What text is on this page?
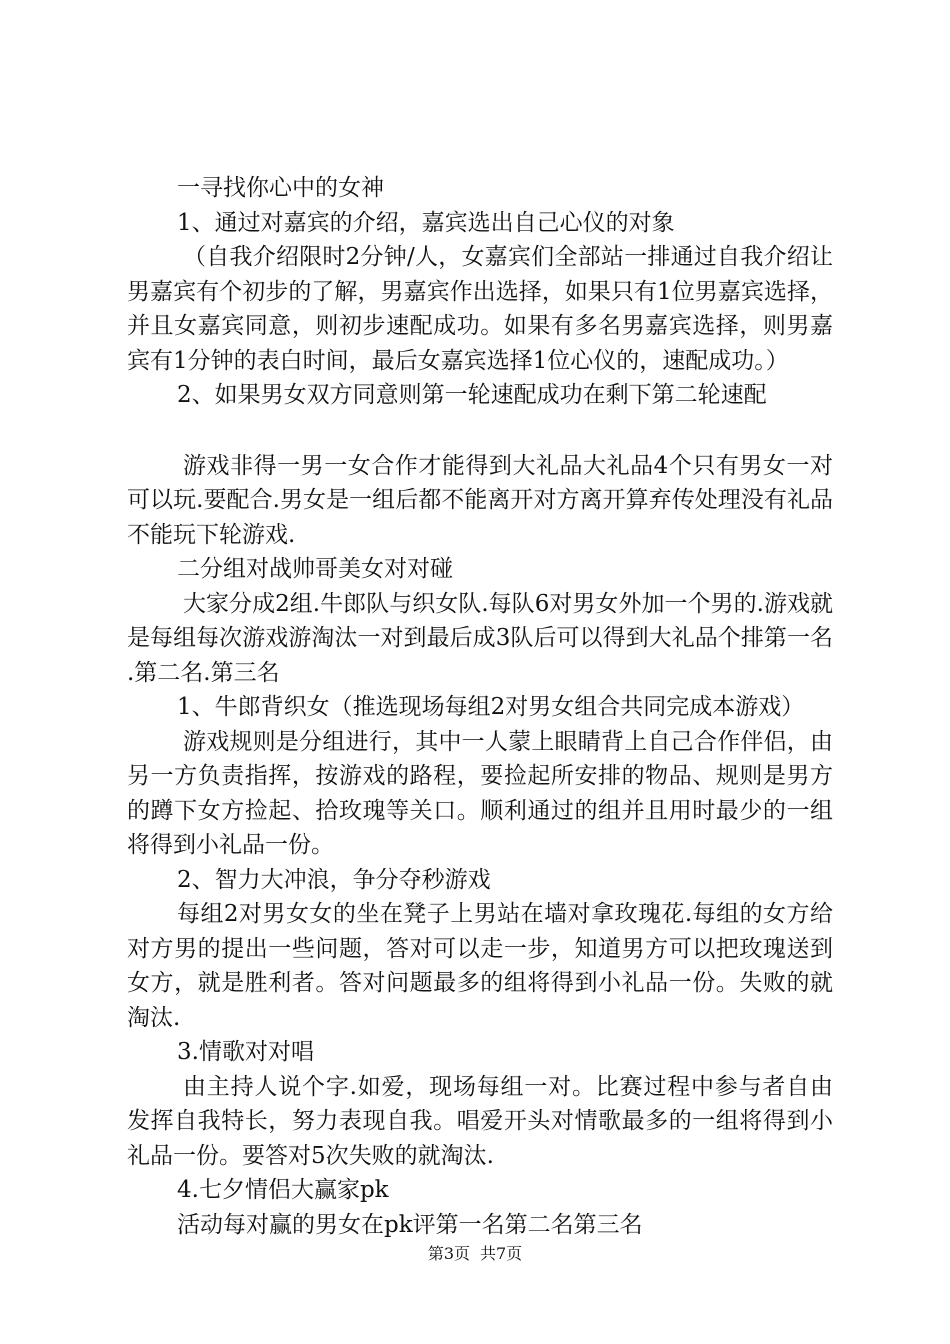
一寻找你心中的女神

1、通过对嘉宾的介绍，嘉宾选出自己心仪的对象

（自我介绍限时2分钟/人，女嘉宾们全部站一排通过自我介绍让男嘉宾有个初步的了解，男嘉宾作出选择，如果只有1位男嘉宾选择，并且女嘉宾同意，则初步速配成功。如果有多名男嘉宾选择，则男嘉宾有1分钟的表白时间，最后女嘉宾选择1位心仪的，速配成功。）

2、如果男女双方同意则第一轮速配成功在剩下第二轮速配

游戏非得一男一女合作才能得到大礼品大礼品4个只有男女一对可以玩.要配合.男女是一组后都不能离开对方离开算弃传处理没有礼品不能玩下轮游戏.

二分组对战帅哥美女对对碰

大家分成2组.牛郎队与织女队.每队6对男女外加一个男的.游戏就是每组每次游戏游淘汰一对到最后成3队后可以得到大礼品个排第一名.第二名.第三名

1、牛郎背织女（推选现场每组2对男女组合共同完成本游戏）

游戏规则是分组进行，其中一人蒙上眼睛背上自己合作伴侣，由另一方负责指挥，按游戏的路程，要捡起所安排的物品、规则是男方的蹲下女方捡起、拾玫瑰等关口。顺利通过的组并且用时最少的一组将得到小礼品一份。

2、智力大冲浪，争分夺秒游戏

每组2对男女女的坐在凳子上男站在墙对拿玫瑰花.每组的女方给对方男的提出一些问题，答对可以走一步，知道男方可以把玫瑰送到女方，就是胜利者。答对问题最多的组将得到小礼品一份。失败的就淘汰.

3.情歌对对唱

由主持人说个字.如爱，现场每组一对。比赛过程中参与者自由发挥自我特长，努力表现自我。唱爱开头对情歌最多的一组将得到小礼品一份。要答对5次失败的就淘汰.

4.七夕情侣大赢家pk

活动每对赢的男女在pk评第一名第二名第三名

第3页 共7页
